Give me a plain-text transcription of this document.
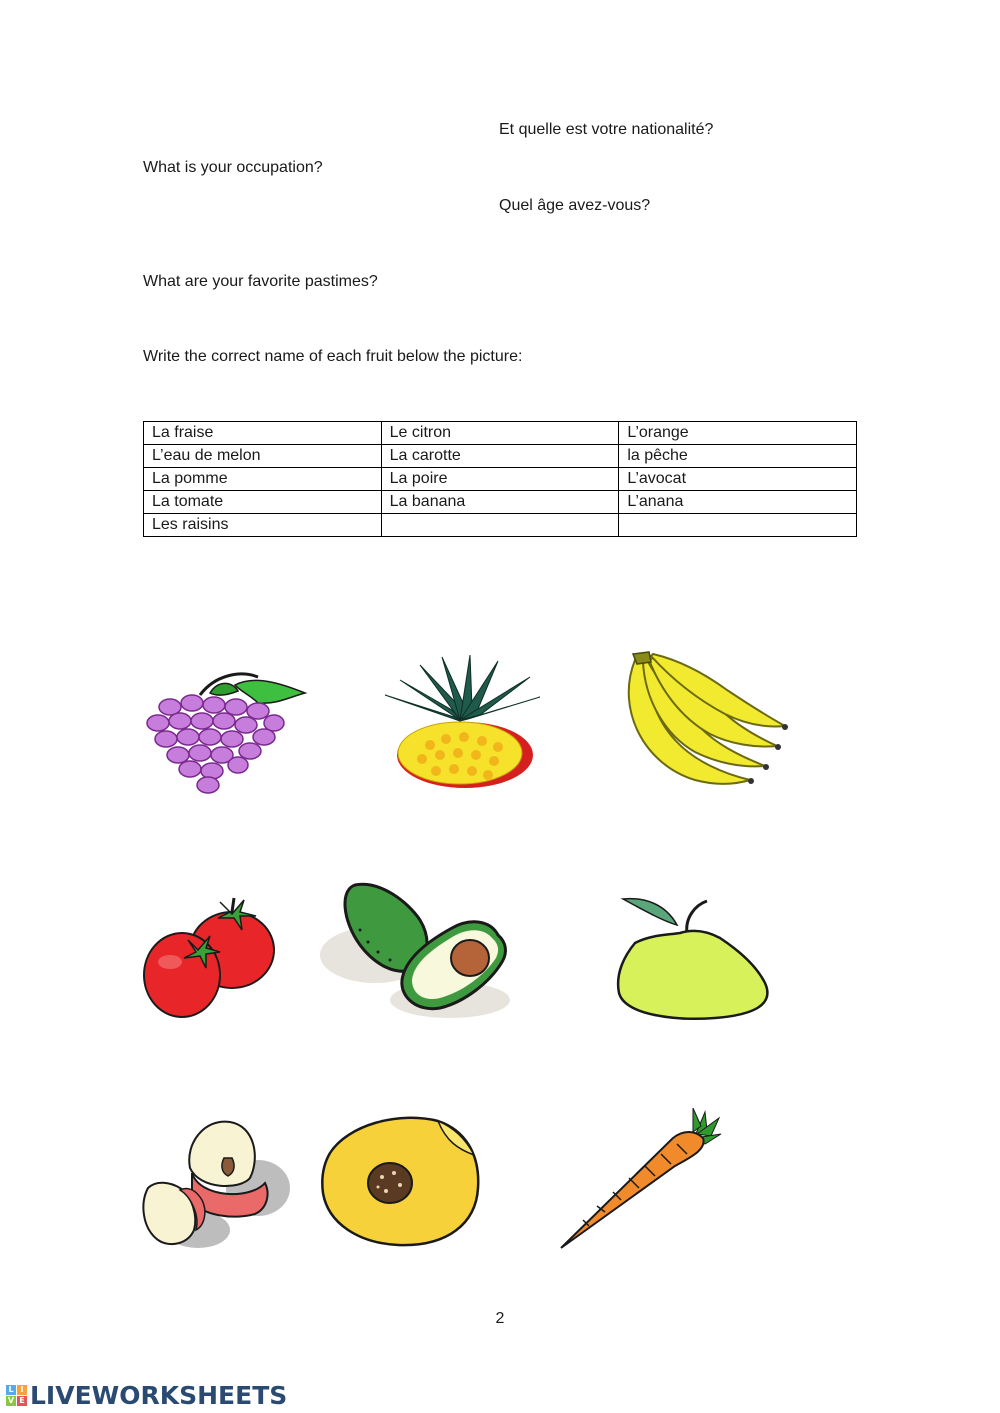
Et quelle est votre nationalité?
What is your occupation?
Quel âge avez-vous?
What are your favorite pastimes?
Write the correct name of each fruit below the picture:
La fraise	Le citron	L’orange
L’eau de melon	La carotte	la pêche
La pomme	La poire	L’avocat
La tomate	La banana	L’anana
Les raisins		
2
L I
V E LIVEWORKSHEETS
